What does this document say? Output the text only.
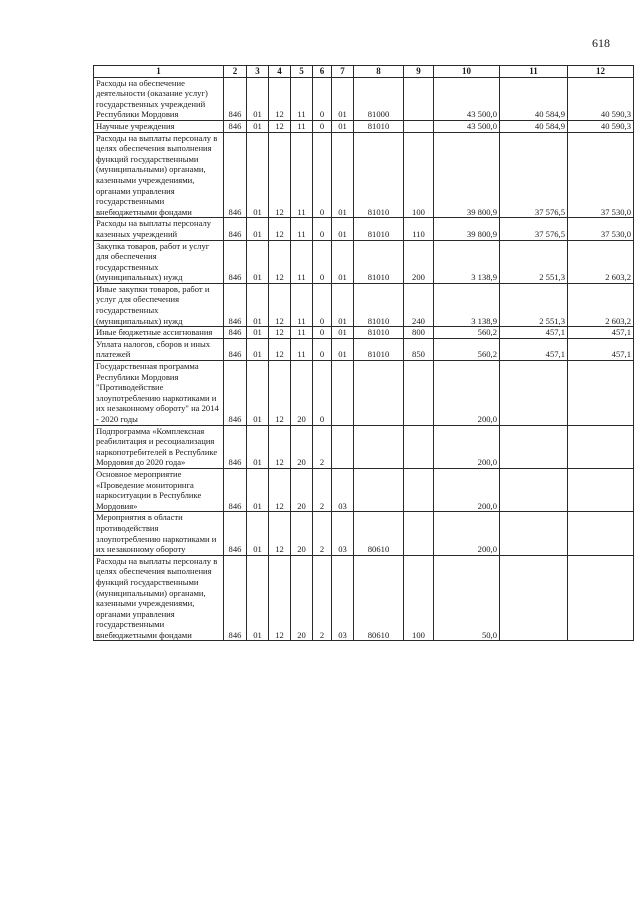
618
1	2	3	4	5	6	7	8	9	10	11	12
Расходы на обеспечение деятельности (оказание услуг) государственных учреждений Республики Мордовия	846	01	12	11	0	01	81000		43 500,0	40 584,9	40 590,3
Научные учреждения	846	01	12	11	0	01	81010		43 500,0	40 584,9	40 590,3
Расходы на выплаты персоналу в целях обеспечения выполнения функций государственными (муниципальными) органами, казенными учреждениями, органами управления государственными внебюджетными фондами	846	01	12	11	0	01	81010	100	39 800,9	37 576,5	37 530,0
Расходы на выплаты персоналу казенных учреждений	846	01	12	11	0	01	81010	110	39 800,9	37 576,5	37 530,0
Закупка товаров, работ и услуг для обеспечения государственных (муниципальных) нужд	846	01	12	11	0	01	81010	200	3 138,9	2 551,3	2 603,2
Иные закупки товаров, работ и услуг для обеспечения государственных (муниципальных) нужд	846	01	12	11	0	01	81010	240	3 138,9	2 551,3	2 603,2
Иные бюджетные ассигнования	846	01	12	11	0	01	81010	800	560,2	457,1	457,1
Уплата налогов, сборов и иных платежей	846	01	12	11	0	01	81010	850	560,2	457,1	457,1
Государственная программа Республики Мордовия "Противодействие злоупотреблению наркотиками и их незаконному обороту" на 2014 - 2020 годы	846	01	12	20	0				200,0		
Подпрограмма «Комплексная реабилитация и ресоциализация наркопотребителей в Республике Мордовия до 2020 года»	846	01	12	20	2				200,0		
Основное мероприятие «Проведение мониторинга наркоситуации в Республике Мордовия»	846	01	12	20	2	03			200,0		
Мероприятия в области противодействия злоупотреблению наркотиками и их незаконному обороту	846	01	12	20	2	03	80610		200,0		
Расходы на выплаты персоналу в целях обеспечения выполнения функций государственными (муниципальными) органами, казенными учреждениями, органами управления государственными внебюджетными фондами	846	01	12	20	2	03	80610	100	50,0		
